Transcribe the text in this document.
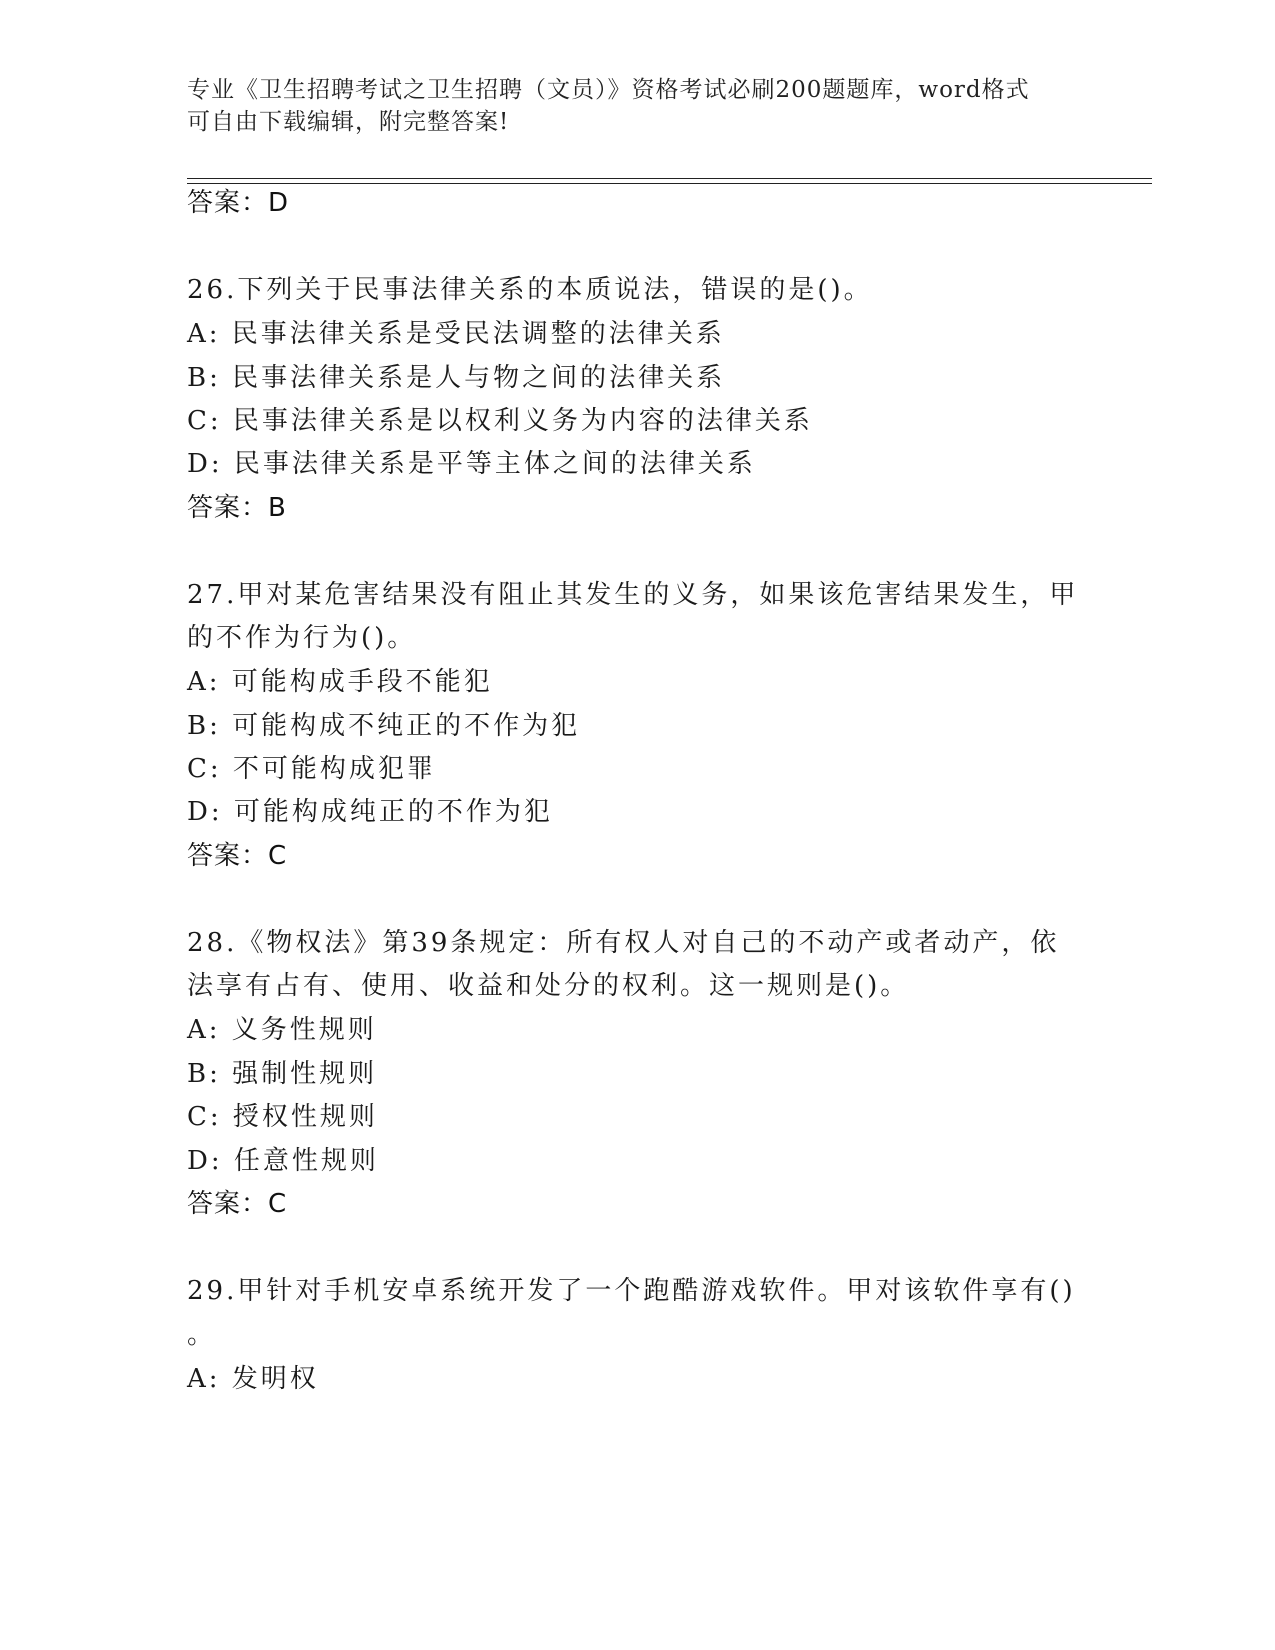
专业《卫生招聘考试之卫生招聘（文员）》资格考试必刷200题题库，word格式
可自由下载编辑，附完整答案!
答案：D
26.下列关于民事法律关系的本质说法，错误的是()。
A: 民事法律关系是受民法调整的法律关系
B: 民事法律关系是人与物之间的法律关系
C: 民事法律关系是以权利义务为内容的法律关系
D: 民事法律关系是平等主体之间的法律关系
答案：B
27.甲对某危害结果没有阻止其发生的义务，如果该危害结果发生，甲
的不作为行为()。
A: 可能构成手段不能犯
B: 可能构成不纯正的不作为犯
C: 不可能构成犯罪
D: 可能构成纯正的不作为犯
答案：C
28.《物权法》第39条规定：所有权人对自己的不动产或者动产，依
法享有占有、使用、收益和处分的权利。这一规则是()。
A: 义务性规则
B: 强制性规则
C: 授权性规则
D: 任意性规则
答案：C
29.甲针对手机安卓系统开发了一个跑酷游戏软件。甲对该软件享有()
。
A: 发明权
